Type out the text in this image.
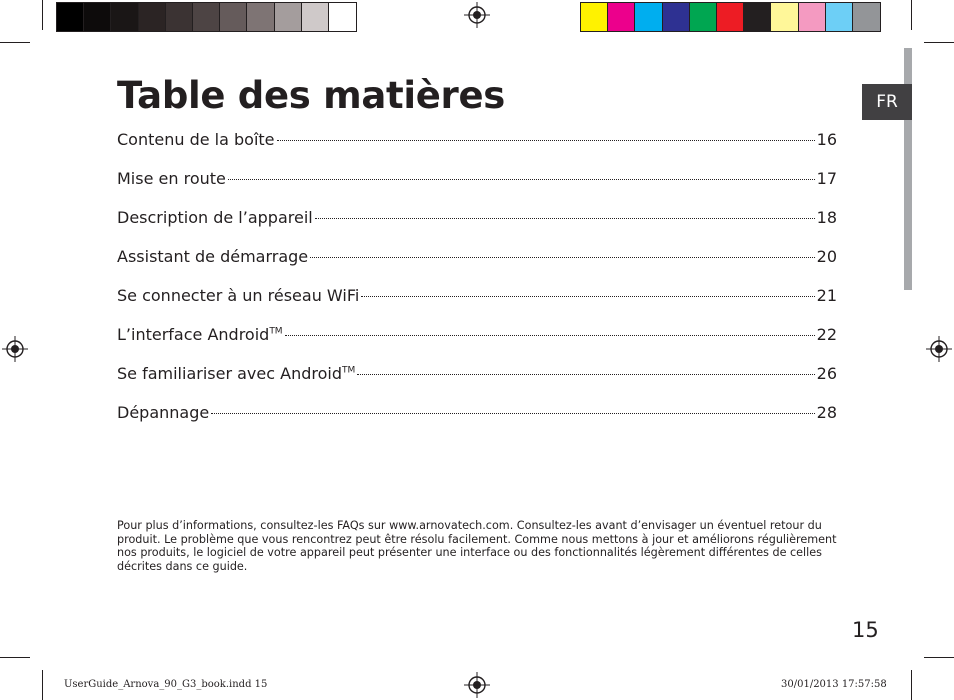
FR
Table des matières
Contenu de la boîte	16
Mise en route	17
Description de l’appareil	18
Assistant de démarrage	20
Se connecter à un réseau WiFi	21
L’interface Android™	22
Se familiariser avec Android™	26
Dépannage	28
Pour plus d’informations, consultez-les FAQs sur www.arnovatech.com. Consultez-les avant d’envisager un éventuel retour du produit. Le problème que vous rencontrez peut être résolu facilement. Comme nous mettons à jour et améliorons régulièrement nos produits, le logiciel de votre appareil peut présenter une interface ou des fonctionnalités légèrement différentes de celles décrites dans ce guide.
15
UserGuide_Arnova_90_G3_book.indd 15	30/01/2013 17:57:58
